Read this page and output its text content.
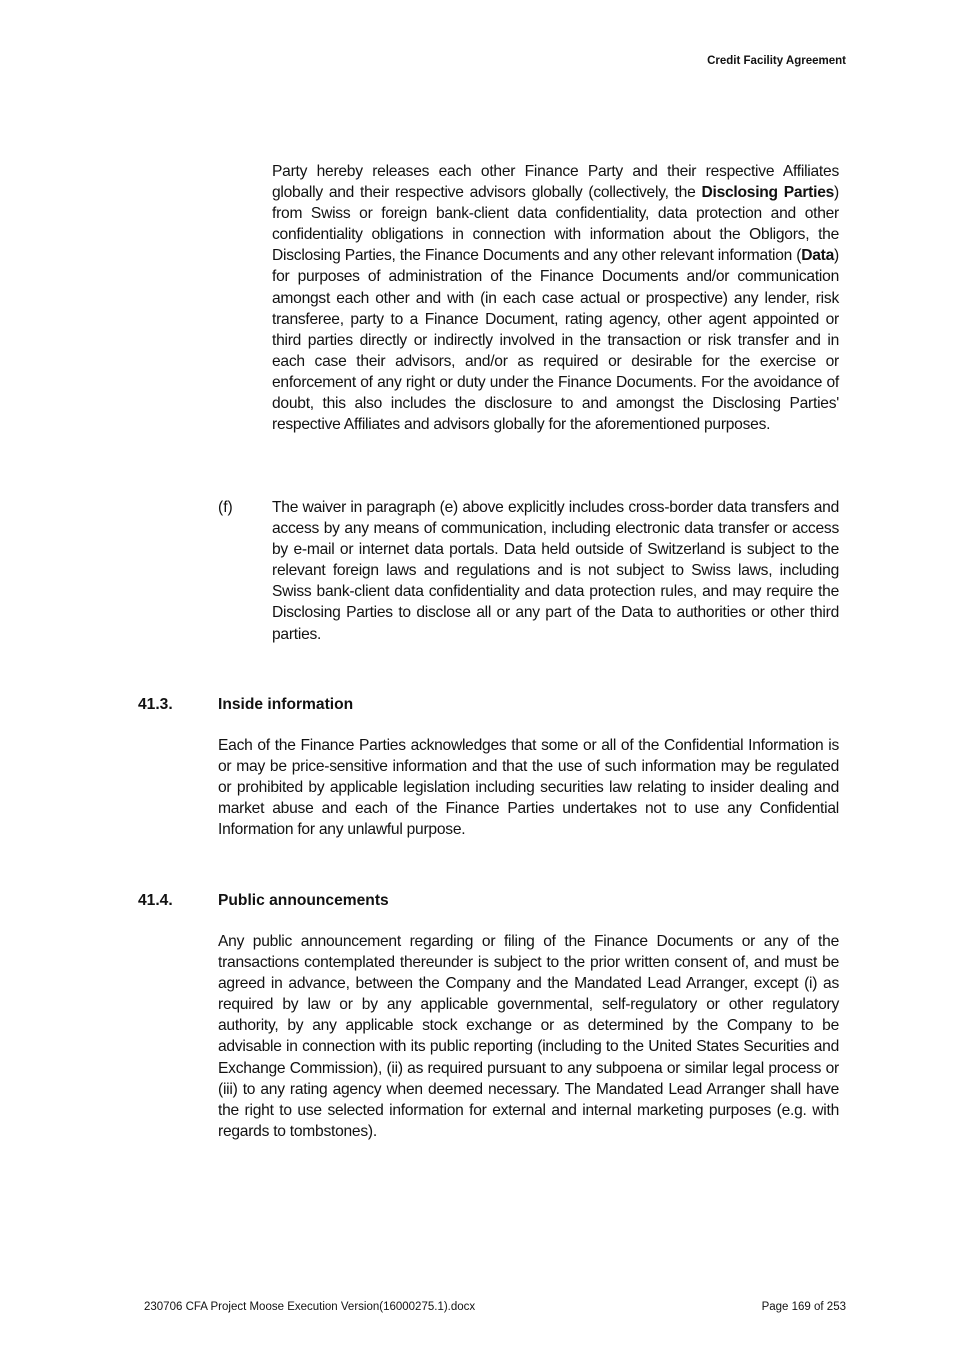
Credit Facility Agreement
Party hereby releases each other Finance Party and their respective Affiliates globally and their respective advisors globally (collectively, the Disclosing Parties) from Swiss or foreign bank-client data confidentiality, data protection and other confidentiality obligations in connection with information about the Obligors, the Disclosing Parties, the Finance Documents and any other relevant information (Data) for purposes of administration of the Finance Documents and/or communication amongst each other and with (in each case actual or prospective) any lender, risk transferee, party to a Finance Document, rating agency, other agent appointed or third parties directly or indirectly involved in the transaction or risk transfer and in each case their advisors, and/or as required or desirable for the exercise or enforcement of any right or duty under the Finance Documents. For the avoidance of doubt, this also includes the disclosure to and amongst the Disclosing Parties' respective Affiliates and advisors globally for the aforementioned purposes.
(f)	The waiver in paragraph (e) above explicitly includes cross-border data transfers and access by any means of communication, including electronic data transfer or access by e-mail or internet data portals. Data held outside of Switzerland is subject to the relevant foreign laws and regulations and is not subject to Swiss laws, including Swiss bank-client data confidentiality and data protection rules, and may require the Disclosing Parties to disclose all or any part of the Data to authorities or other third parties.
41.3.	Inside information
Each of the Finance Parties acknowledges that some or all of the Confidential Information is or may be price-sensitive information and that the use of such information may be regulated or prohibited by applicable legislation including securities law relating to insider dealing and market abuse and each of the Finance Parties undertakes not to use any Confidential Information for any unlawful purpose.
41.4.	Public announcements
Any public announcement regarding or filing of the Finance Documents or any of the transactions contemplated thereunder is subject to the prior written consent of, and must be agreed in advance, between the Company and the Mandated Lead Arranger, except (i) as required by law or by any applicable governmental, self-regulatory or other regulatory authority, by any applicable stock exchange or as determined by the Company to be advisable in connection with its public reporting (including to the United States Securities and Exchange Commission), (ii) as required pursuant to any subpoena or similar legal process or (iii) to any rating agency when deemed necessary. The Mandated Lead Arranger shall have the right to use selected information for external and internal marketing purposes (e.g. with regards to tombstones).
230706 CFA Project Moose Execution Version(16000275.1).docx	Page 169 of 253
